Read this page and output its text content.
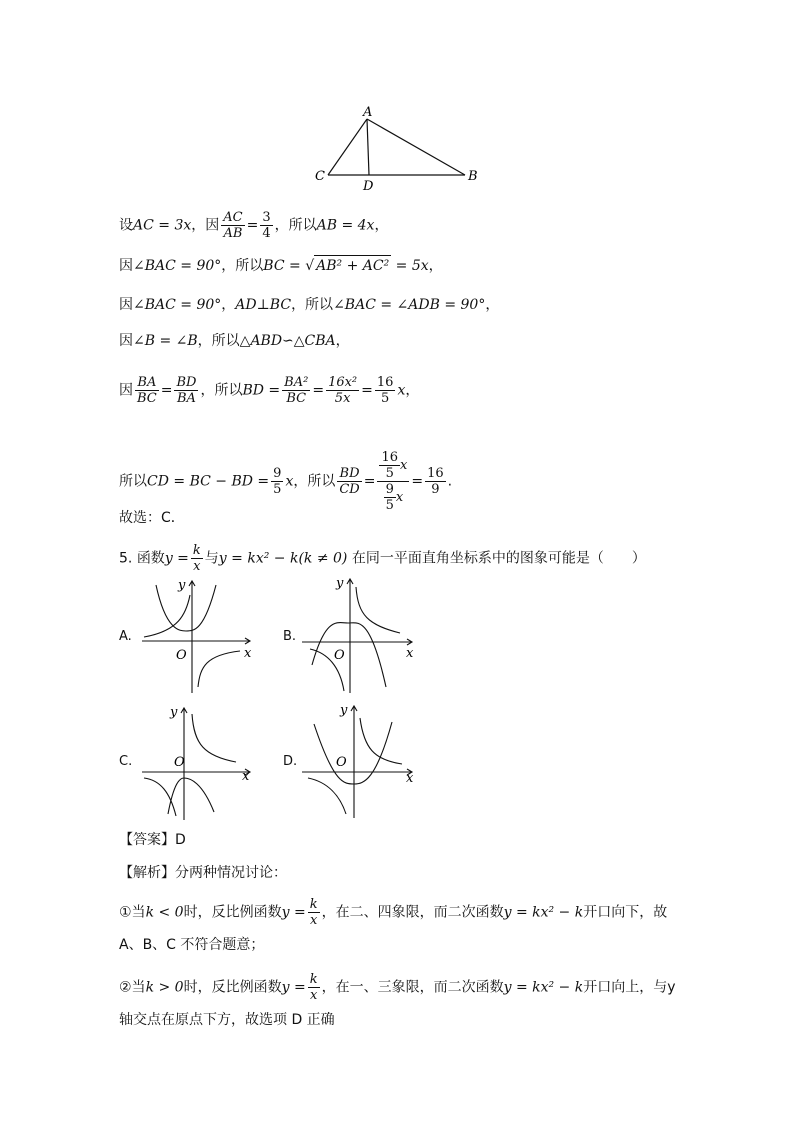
A
C
D
B
设AC = 3x，因 $\frac{AC}{AB} = \frac{3}{4}$ ，所以AB = 4x，
因∠BAC = 90°，所以BC = √ AB² + AC² = 5x，
因∠BAC = 90°，AD⊥BC，所以∠BAC = ∠ADB = 90°，
因∠B = ∠B，所以△ABD∽△CBA，
因 $\frac{BA}{BC} = \frac{BD}{BA}$ ，所以BD = $\frac{\text{BA²}}{BC} = \frac{\text{16x²}}{5x} = \frac{16}{5}$ x，
所以CD = BC − BD = $\frac{9}{5}$ x，所以 $\frac{BD}{CD} = \frac{\frac{16}{5} x}{\frac{9}{5} x} = \frac{16}{9}$ .
故选：C．
5. 函数$y = \frac{k}{x}$ 与y = kx² − k(k ≠ 0) 在同一平面直角坐标系中的图象可能是（　　）
A.
y
x
O
B.
y
x
O
C.
y
x
O	D.
y
x
O
【答案】D
【解析】分两种情况讨论：
①当k < 0时，反比例函数$y = \frac{k}{x}$ ，在二、四象限，而二次函数y = kx² − k开口向下，故
A、B、C 不符合题意；
②当k > 0时，反比例函数$y = \frac{k}{x}$ ，在一、三象限，而二次函数y = kx² − k开口向上，与y
轴交点在原点下方，故选项 D 正确
